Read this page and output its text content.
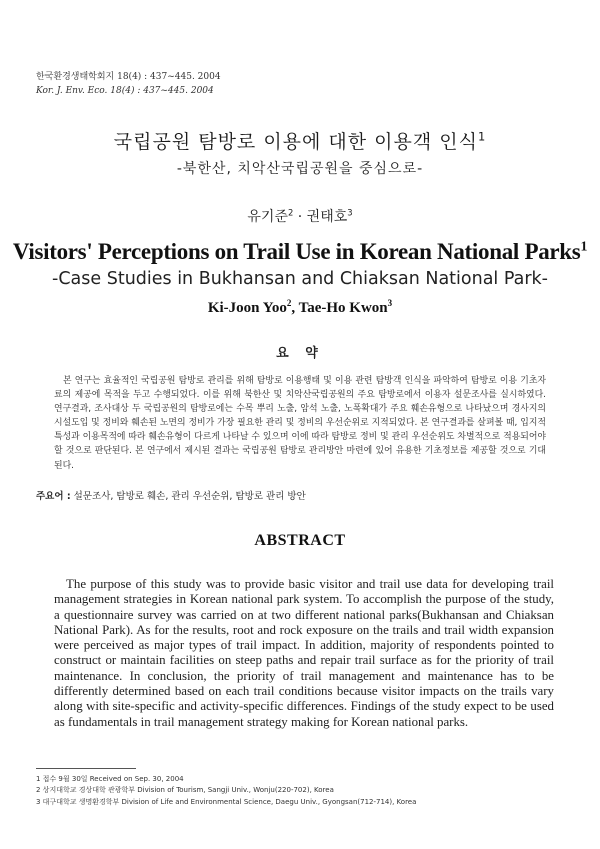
한국환경생태학회지 18(4) : 437~445. 2004
Kor. J. Env. Eco. 18(4) : 437~445. 2004
국립공원 탐방로 이용에 대한 이용객 인식$^1$
-북한산, 치악산국립공원을 중심으로-
유기준$^2$ · 권태호$^3$
Visitors' Perceptions on Trail Use in Korean National Parks$^1$
-Case Studies in Bukhansan and Chiaksan National Park-
Ki-Joon Yoo$^2$, Tae-Ho Kwon$^3$
요 약

본 연구는 효율적인 국립공원 탐방로 관리를 위해 탐방로 이용행태 및 이용 관련 탐방객 인식을 파악하여 탐방로 이용 기초자료의 제공에 목적을 두고 수행되었다. 이를 위해 북한산 및 치악산국립공원의 주요 탐방로에서 이용자 설문조사를 실시하였다. 연구결과, 조사대상 두 국립공원의 탐방로에는 수목 뿌리 노출, 암석 노출, 노폭확대가 주요 훼손유형으로 나타났으며 경사지의 시설도입 및 정비와 훼손된 노면의 정비가 가장 필요한 관리 및 정비의 우선순위로 지적되었다. 본 연구결과를 살펴볼 때, 입지적 특성과 이용목적에 따라 훼손유형이 다르게 나타날 수 있으며 이에 따라 탐방로 정비 및 관리 우선순위도 차별적으로 적용되어야할 것으로 판단된다. 본 연구에서 제시된 결과는 국립공원 탐방로 관리방안 마련에 있어 유용한 기초정보를 제공할 것으로 기대된다.

주요어 : 설문조사, 탐방로 훼손, 관리 우선순위, 탐방로 관리 방안
ABSTRACT

The purpose of this study was to provide basic visitor and trail use data for developing trail management strategies in Korean national park system. To accomplish the purpose of the study, a questionnaire survey was carried on at two different national parks(Bukhansan and Chiaksan National Park). As for the results, root and rock exposure on the trails and trail width expansion were perceived as major types of trail impact. In addition, majority of respondents pointed to construct or maintain facilities on steep paths and repair trail surface as for the priority of trail maintenance. In conclusion, the priority of trail management and maintenance has to be differently determined based on each trail conditions because visitor impacts on the trails vary along with site-specific and activity-specific differences. Findings of the study expect to be used as fundamentals in trail management strategy making for Korean national parks.

1 접수 9월 30일 Received on Sep. 30, 2004
2 상지대학교 경상대학 관광학부 Division of Tourism, Sangji Univ., Wonju(220-702), Korea
3 대구대학교 생명환경학부 Division of Life and Environmental Science, Daegu Univ., Gyongsan(712-714), Korea
